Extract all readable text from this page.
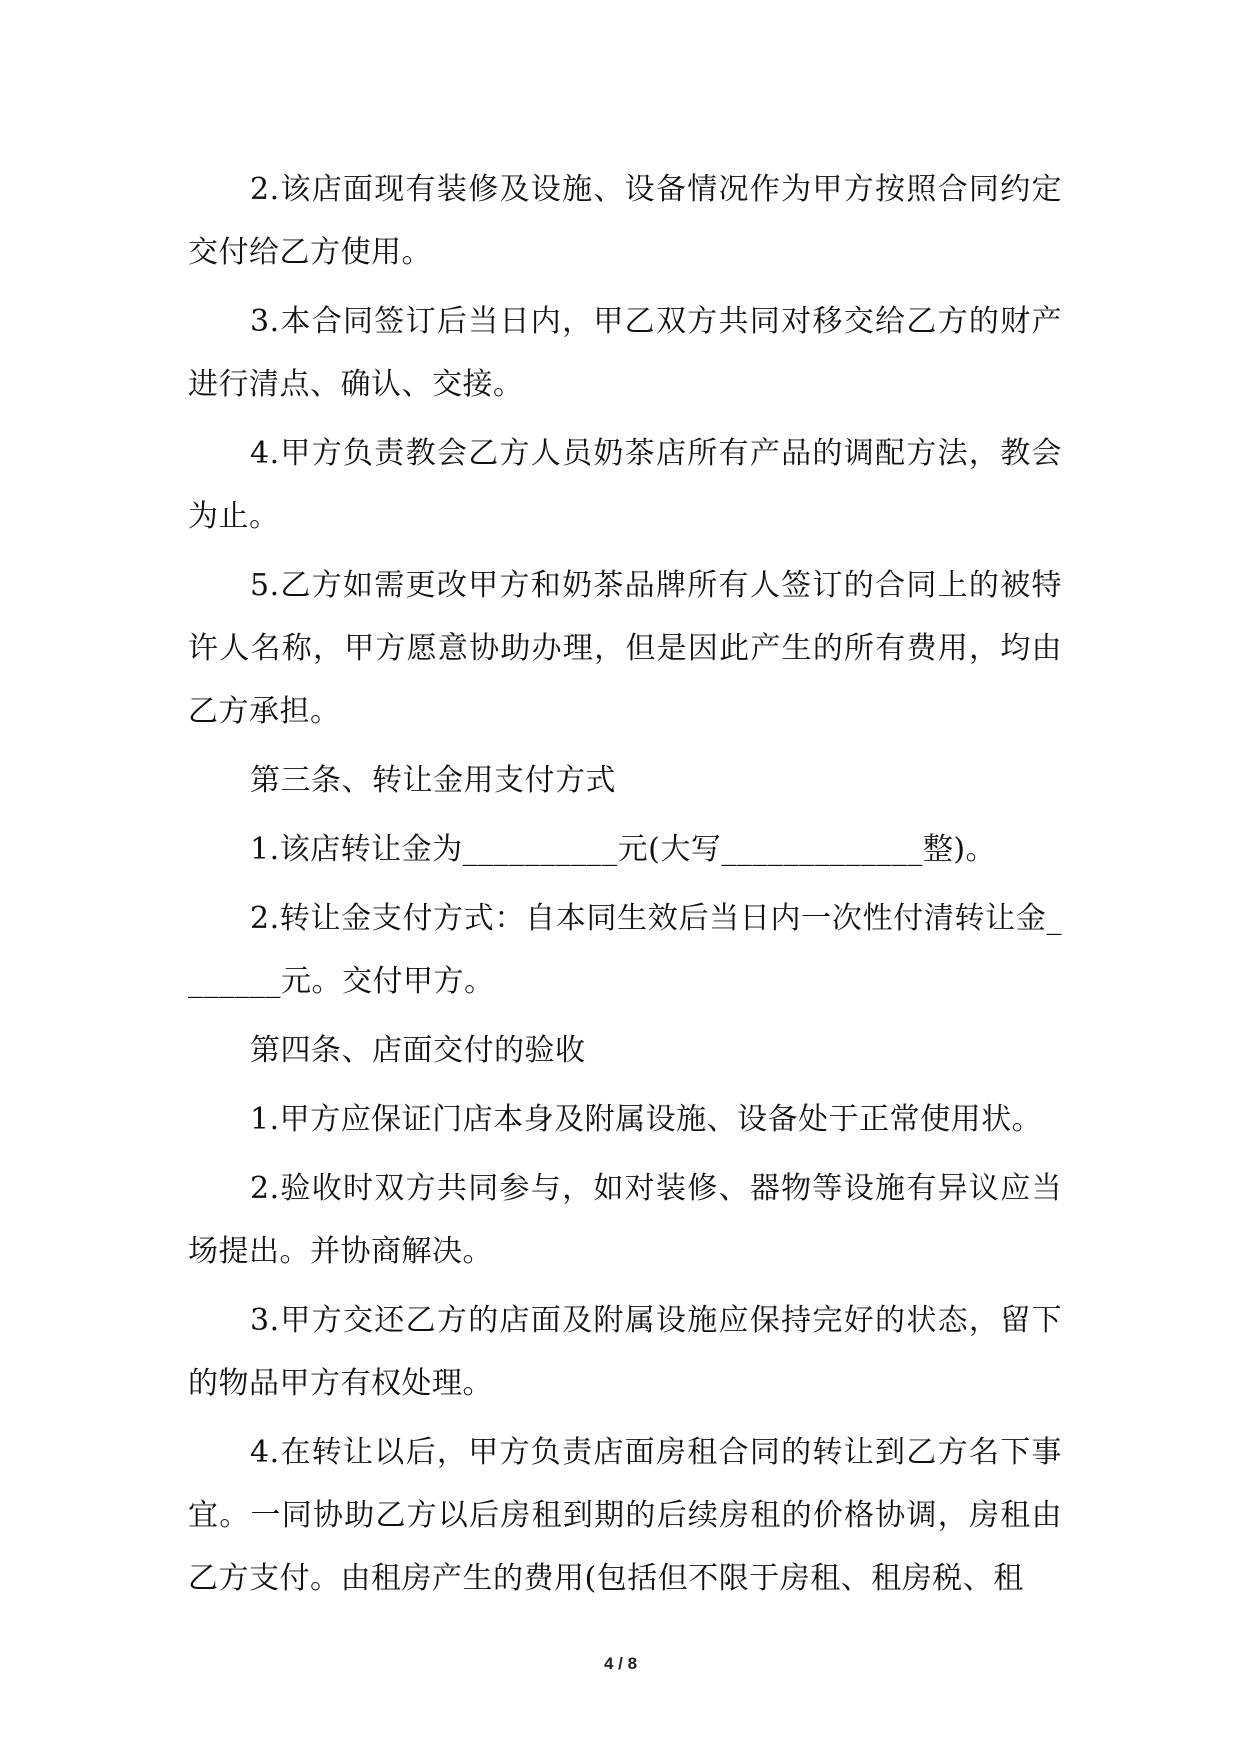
2.该店面现有装修及设施、设备情况作为甲方按照合同约定交付给乙方使用。

3.本合同签订后当日内，甲乙双方共同对移交给乙方的财产进行清点、确认、交接。

4.甲方负责教会乙方人员奶茶店所有产品的调配方法，教会为止。

5.乙方如需更改甲方和奶茶品牌所有人签订的合同上的被特许人名称，甲方愿意协助办理，但是因此产生的所有费用，均由乙方承担。

第三条、转让金用支付方式

1.该店转让金为__________元(大写_____________整)。

2.转让金支付方式：自本同生效后当日内一次性付清转让金_______元。交付甲方。

第四条、店面交付的验收

1.甲方应保证门店本身及附属设施、设备处于正常使用状。

2.验收时双方共同参与，如对装修、器物等设施有异议应当场提出。并协商解决。

3.甲方交还乙方的店面及附属设施应保持完好的状态，留下的物品甲方有权处理。

4.在转让以后，甲方负责店面房租合同的转让到乙方名下事宜。一同协助乙方以后房租到期的后续房租的价格协调，房租由乙方支付。由租房产生的费用(包括但不限于房租、租房税、租

4 / 8
